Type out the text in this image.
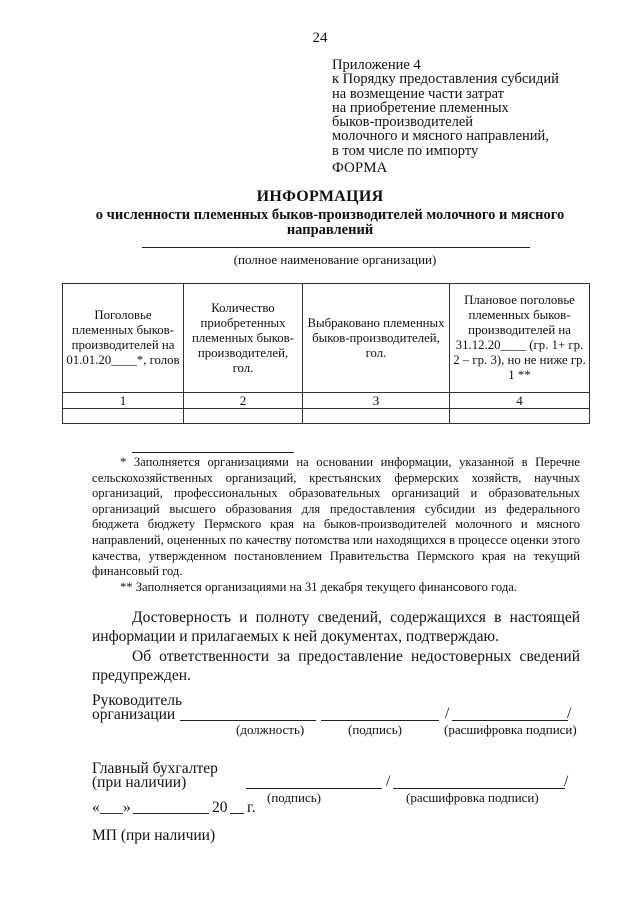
24
Приложение 4
к Порядку предоставления субсидий
на возмещение части затрат
на приобретение племенных
быков-производителей
молочного и мясного направлений,
в том числе по импорту
ФОРМА
ИНФОРМАЦИЯ
о численности племенных быков-производителей молочного и мясного направлений
(полное наименование организации)
Поголовье племенных быков-производителей на 01.01.20____*, голов	Количество приобретенных племенных быков-производителей, гол.	Выбраковано племенных быков-производителей, гол.	Плановое поголовье племенных быков-производителей на 31.12.20____ (гр. 1+ гр. 2 – гр. 3), но не ниже гр. 1 **
1	2	3	4

* Заполняется организациями на основании информации, указанной в Перечне сельскохозяйственных организаций, крестьянских фермерских хозяйств, научных организаций, профессиональных образовательных организаций и образовательных организаций высшего образования для предоставления субсидии из федерального бюджета бюджету Пермского края на быков-производителей молочного и мясного направлений, оцененных по качеству потомства или находящихся в процессе оценки этого качества, утвержденном постановлением Правительства Пермского края на текущий финансовый год.

** Заполняется организациями на 31 декабря текущего финансового года.

Достоверность и полноту сведений, содержащихся в настоящей информации и прилагаемых к ней документах, подтверждаю.

Об ответственности за предоставление недостоверных сведений предупрежден.

Руководитель
организации	/	/
(должность)	(подпись)	(расшифровка подписи)
Главный бухгалтер
(при наличии)	/	/
(подпись)	(расшифровка подписи)
«___»	20 г.
МП (при наличии)
